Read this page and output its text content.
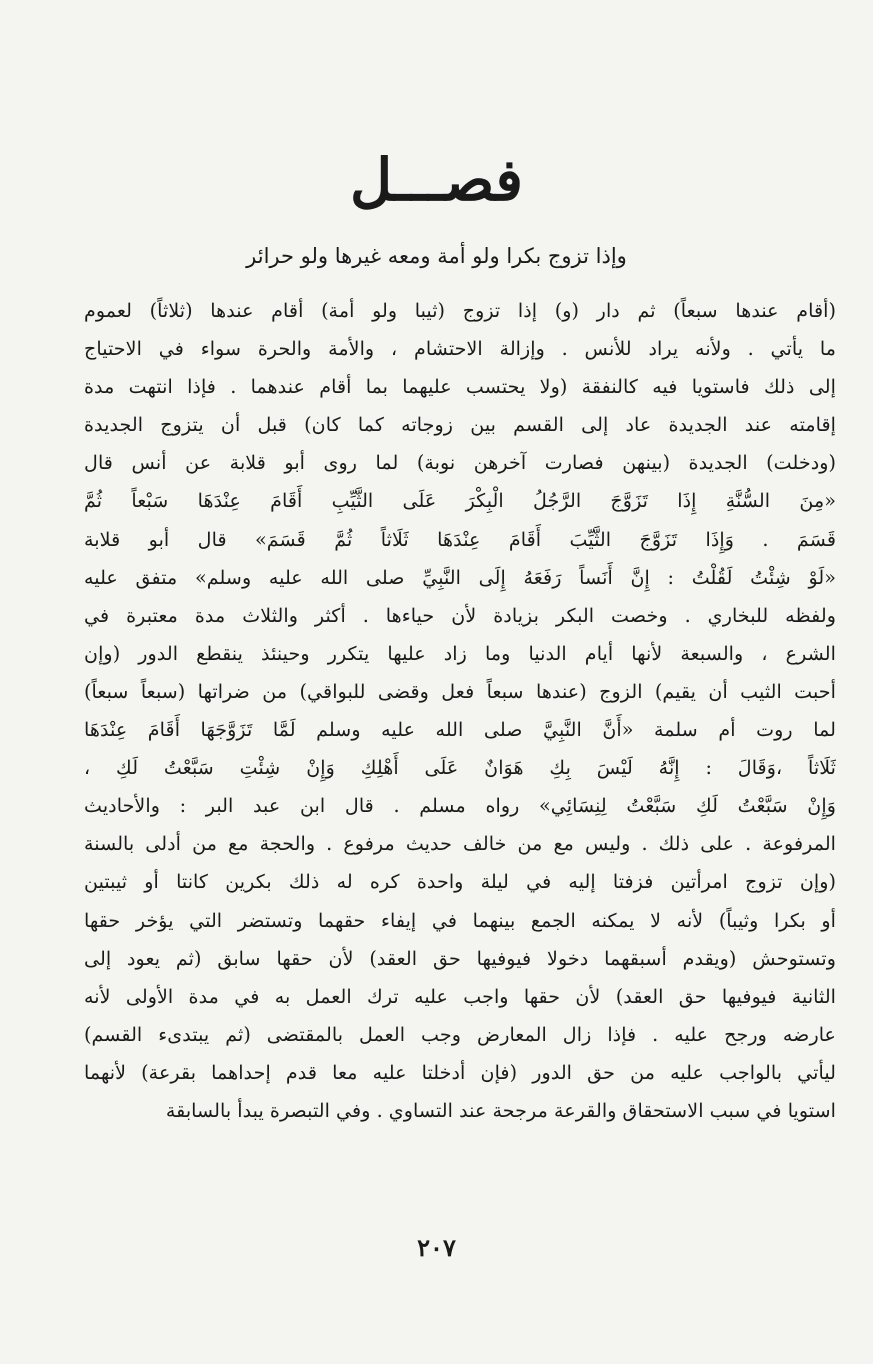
فصـــل
وإذا تزوج بكرا ولو أمة ومعه غيرها ولو حرائر
(أقام عندها سبعاً) ثم دار (و) إذا تزوج (ثيبا ولو أمة) أقام عندها (ثلاثاً) لعموم
ما يأتي . ولأنه يراد للأنس . وإزالة الاحتشام ، والأمة والحرة سواء في الاحتياج
إلى ذلك فاستويا فيه كالنفقة (ولا يحتسب عليهما بما أقام عندهما . فإذا انتهت مدة
إقامته عند الجديدة عاد إلى القسم بين زوجاته كما كان) قبل أن يتزوج الجديدة
(ودخلت) الجديدة (بينهن فصارت آخرهن نوبة) لما روى أبو قلابة عن أنس قال
«مِنَ السُّنَّةِ إِذَا تَزَوَّجَ الرَّجُلُ الْبِكْرَ عَلَى الثَّيِّبِ أَقَامَ عِنْدَهَا سَبْعاً ثُمَّ
قَسَمَ . وَإِذَا تَزَوَّجَ الثَّيِّبَ أَقَامَ عِنْدَهَا ثَلَاثاً ثُمَّ قَسَمَ» قال أبو قلابة
«لَوْ شِئْتُ لَقُلْتُ : إِنَّ أَنَساً رَفَعَهُ إِلَى النَّبِيِّ صلى الله عليه وسلم» متفق عليه
ولفظه للبخاري . وخصت البكر بزيادة لأن حياءها . أكثر والثلاث مدة معتبرة في
الشرع ، والسبعة لأنها أيام الدنيا وما زاد عليها يتكرر وحينئذ ينقطع الدور (وإن
أحبت الثيب أن يقيم) الزوج (عندها سبعاً فعل وقضى للبواقي) من ضراتها (سبعاً سبعاً)
لما روت أم سلمة «أَنَّ النَّبِيَّ صلى الله عليه وسلم لَمَّا تَزَوَّجَهَا أَقَامَ عِنْدَهَا
ثَلَاثاً ،وَقَالَ : إِنَّهُ لَيْسَ بِكِ هَوَانٌ عَلَى أَهْلِكِ وَإِنْ شِئْتِ سَبَّعْتُ لَكِ ،
وَإِنْ سَبَّعْتُ لَكِ سَبَّعْتُ لِنِسَائِي» رواه مسلم . قال ابن عبد البر : والأحاديث
المرفوعة . على ذلك . وليس مع من خالف حديث مرفوع . والحجة مع من أدلى بالسنة
(وإن تزوج امرأتين فزفتا إليه في ليلة واحدة كره له ذلك بكرين كانتا أو ثيبتين
أو بكرا وثيباً) لأنه لا يمكنه الجمع بينهما في إيفاء حقهما وتستضر التي يؤخر حقها
وتستوحش (ويقدم أسبقهما دخولا فيوفيها حق العقد) لأن حقها سابق (ثم يعود إلى
الثانية فيوفيها حق العقد) لأن حقها واجب عليه ترك العمل به في مدة الأولى لأنه
عارضه ورجح عليه . فإذا زال المعارض وجب العمل بالمقتضى (ثم يبتدىء القسم)
ليأتي بالواجب عليه من حق الدور (فإن أدخلتا عليه معا قدم إحداهما بقرعة) لأنهما
استويا في سبب الاستحقاق والقرعة مرجحة عند التساوي . وفي التبصرة يبدأ بالسابقة
٢٠٧
